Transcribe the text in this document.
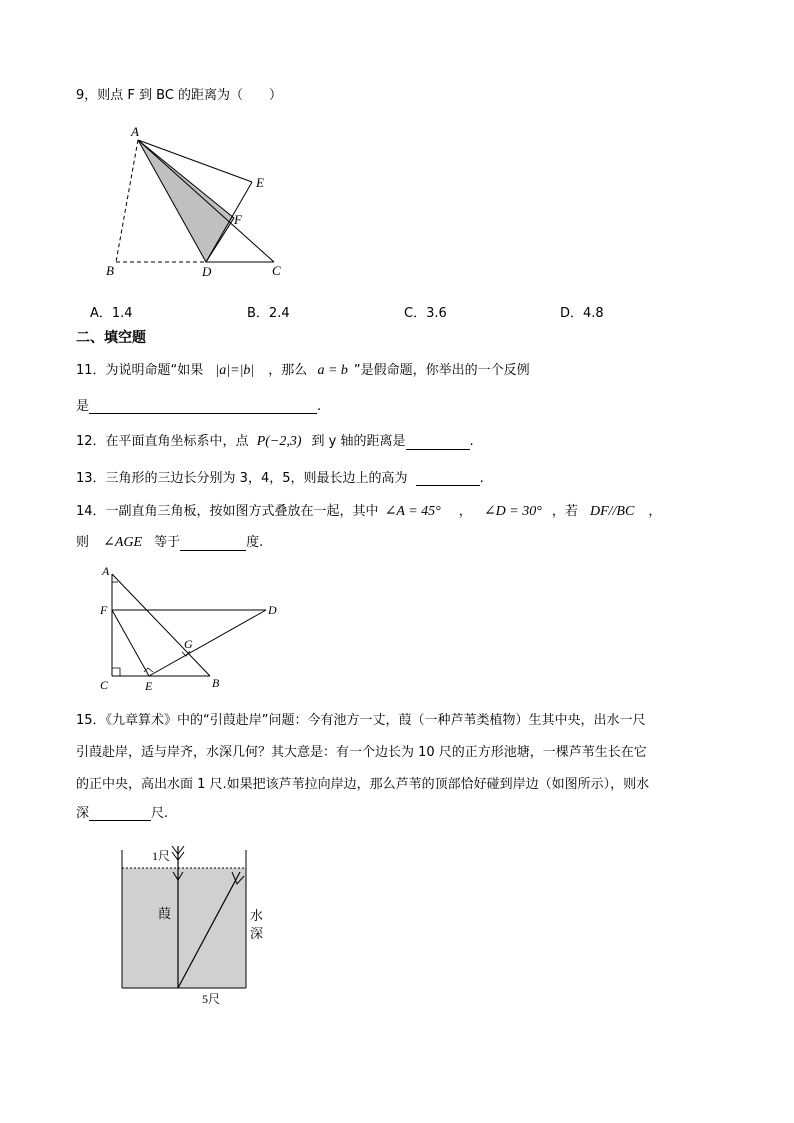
9，则点 F 到 BC 的距离为（　　）
A
B	D	C
E
F
A．1.4	B．2.4	C．3.6	D．4.8
二、填空题
11．为说明命题“如果 |a|=|b| ，那么 a = b ”是假命题，你举出的一个反例
是	.
12．在平面直角坐标系中，点 P(−2,3) 到 y 轴的距离是	.
13．三角形的三边长分别为 3，4，5，则最长边上的高为	.
14．一副直角三角板，按如图方式叠放在一起，其中 ∠A = 45° ， ∠D = 30° ，若 DF//BC ，
则 ∠AGE 等于	度.
A
F	D
G
C	E	B
15．《九章算术》中的“引葭赴岸”问题：今有池方一丈，葭（一种芦苇类植物）生其中央，出水一尺
引葭赴岸，适与岸齐，水深几何？其大意是：有一个边长为 10 尺的正方形池塘，一棵芦苇生长在它
的正中央，高出水面 1 尺.如果把该芦苇拉向岸边，那么芦苇的顶部恰好碰到岸边（如图所示），则水
深	尺.
1尺
葭	水
深
5尺
